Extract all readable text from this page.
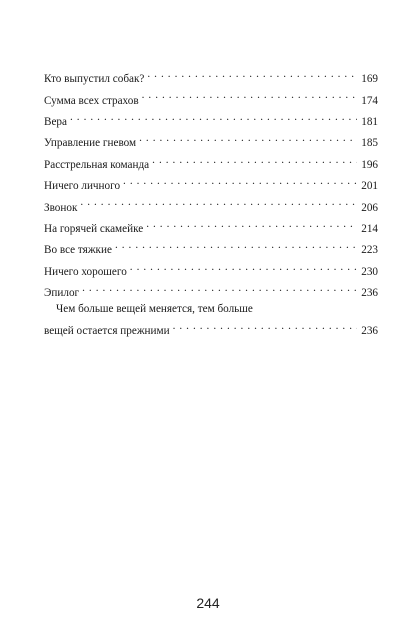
Кто выпустил собак? . . .	169
Сумма всех страхов . . .	174
Вера . . .	181
Управление гневом . . .	185
Расстрельная команда . . .	196
Ничего личного . . .	201
Звонок . . .	206
На горячей скамейке . . .	214
Во все тяжкие . . .	223
Ничего хорошего . . .	230
Эпилог . . .	236
Чем больше вещей меняется, тем больше
вещей остается прежними . . .	236
244
